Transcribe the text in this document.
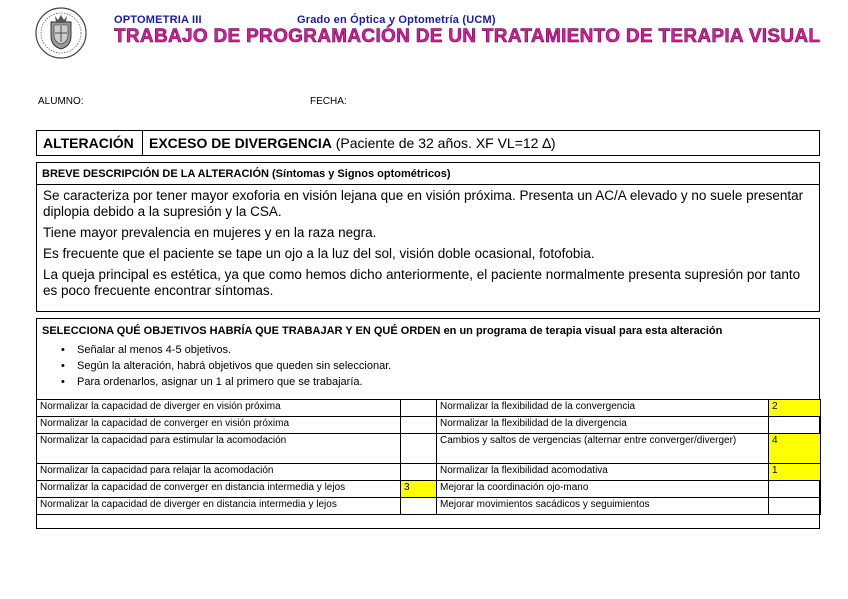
OPTOMETRIA III	Grado en Óptica y Optometría (UCM)
TRABAJO DE PROGRAMACIÓN DE UN TRATAMIENTO DE TERAPIA VISUAL
ALUMNO:	FECHA:
ALTERACIÓN	EXCESO DE DIVERGENCIA
(Paciente de 32 años. XF VL=12 ∆)
BREVE DESCRIPCIÓN DE LA ALTERACIÓN (Síntomas y Signos optométricos)

Se caracteriza por tener mayor exoforia en visión lejana que en visión próxima. Presenta un AC/A elevado y no suele presentar diplopia debido a la supresión y la CSA.

Tiene mayor prevalencia en mujeres y en la raza negra.

Es frecuente que el paciente se tape un ojo a la luz del sol, visión doble ocasional, fotofobia.

La queja principal es estética, ya que como hemos dicho anteriormente, el paciente normalmente presenta supresión por tanto es poco frecuente encontrar síntomas.

SELECCIONA QUÉ OBJETIVOS HABRÍA QUE TRABAJAR Y EN QUÉ ORDEN en un programa de terapia visual para esta alteración
• Señalar al menos 4-5 objetivos.
• Según la alteración, habrá objetivos que queden sin seleccionar.
• Para ordenarlos, asignar un 1 al primero que se trabajaría.
Normalizar la capacidad de diverger en visión próxima		Normalizar la flexibilidad de la convergencia	2
Normalizar la capacidad de converger en visión próxima		Normalizar la flexibilidad de la divergencia	
Normalizar la capacidad para estimular la acomodación		Cambios y saltos de vergencias (alternar entre converger/diverger)	4
Normalizar la capacidad para relajar la acomodación		Normalizar la flexibilidad acomodativa	1
Normalizar la capacidad de converger en distancia intermedia y lejos	3	Mejorar la coordinación ojo-mano	
Normalizar la capacidad de diverger en distancia intermedia y lejos		Mejorar movimientos sacádicos y seguimientos	
